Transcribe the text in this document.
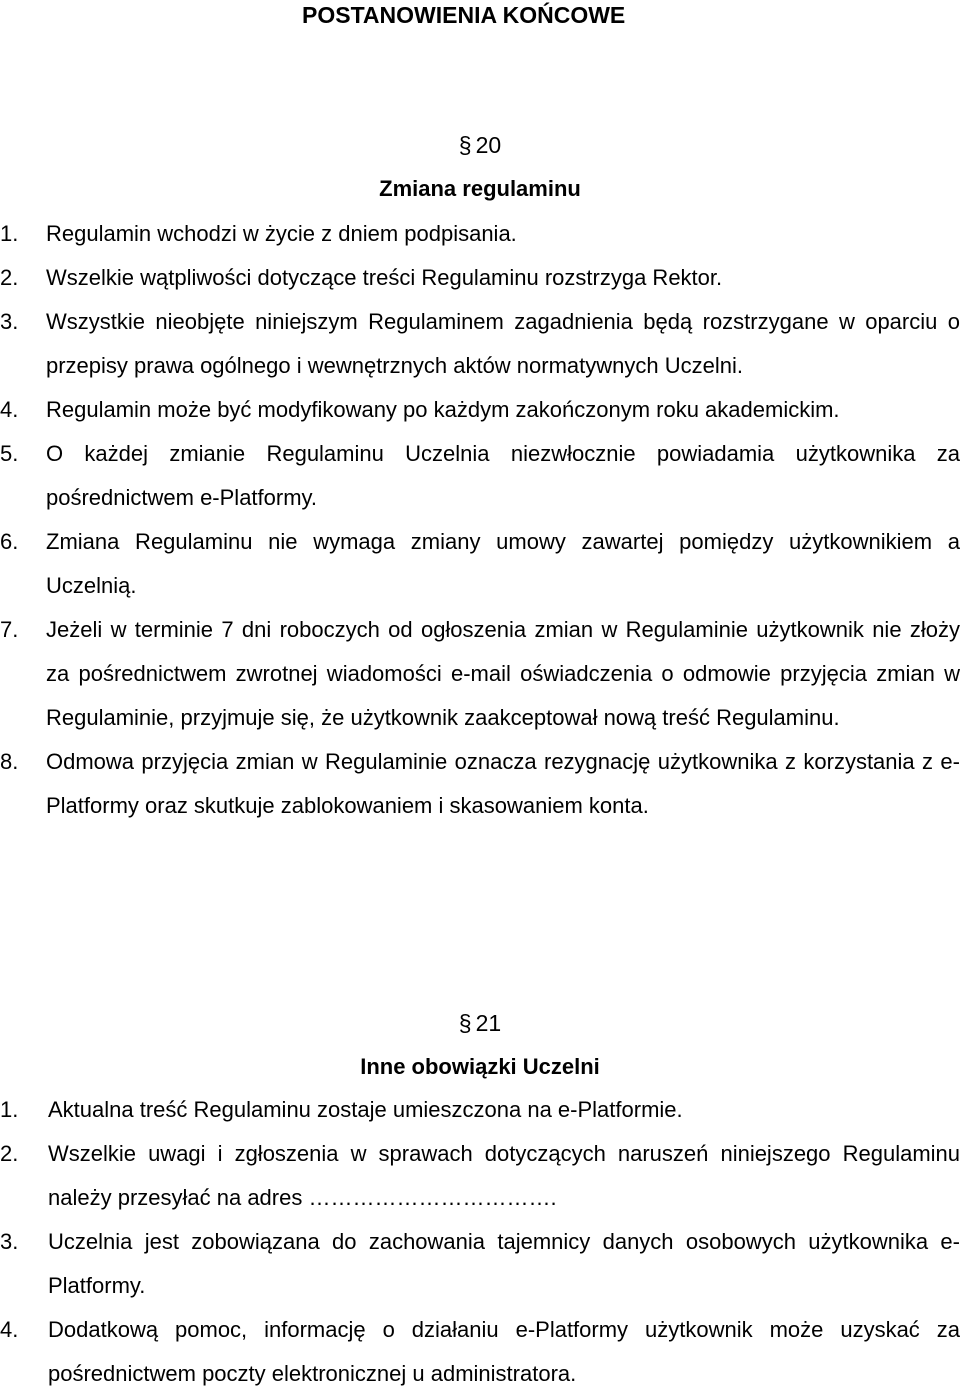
POSTANOWIENIA KOŃCOWE
§ 20
Zmiana regulaminu
1. Regulamin wchodzi w życie z dniem podpisania.
2. Wszelkie wątpliwości dotyczące treści Regulaminu rozstrzyga Rektor.
3. Wszystkie nieobjęte niniejszym Regulaminem zagadnienia będą rozstrzygane w oparciu o przepisy prawa ogólnego i wewnętrznych aktów normatywnych Uczelni.
4. Regulamin może być modyfikowany po każdym zakończonym roku akademickim.
5. O każdej zmianie Regulaminu Uczelnia niezwłocznie powiadamia użytkownika za pośrednictwem e-Platformy.
6. Zmiana Regulaminu nie wymaga zmiany umowy zawartej pomiędzy użytkownikiem a Uczelnią.
7. Jeżeli w terminie 7 dni roboczych od ogłoszenia zmian w Regulaminie użytkownik nie złoży za pośrednictwem zwrotnej wiadomości e-mail oświadczenia o odmowie przyjęcia zmian w Regulaminie, przyjmuje się, że użytkownik zaakceptował nową treść Regulaminu.
8. Odmowa przyjęcia zmian w Regulaminie oznacza rezygnację użytkownika z korzystania z e-Platformy oraz skutkuje zablokowaniem i skasowaniem konta.
§ 21
Inne obowiązki Uczelni
1. Aktualna treść Regulaminu zostaje umieszczona na e-Platformie.
2. Wszelkie uwagi i zgłoszenia w sprawach dotyczących naruszeń niniejszego Regulaminu należy przesyłać na adres …………………………….
3. Uczelnia jest zobowiązana do zachowania tajemnicy danych osobowych użytkownika e-Platformy.
4. Dodatkową pomoc, informację o działaniu e-Platformy użytkownik może uzyskać za pośrednictwem poczty elektronicznej u administratora.
